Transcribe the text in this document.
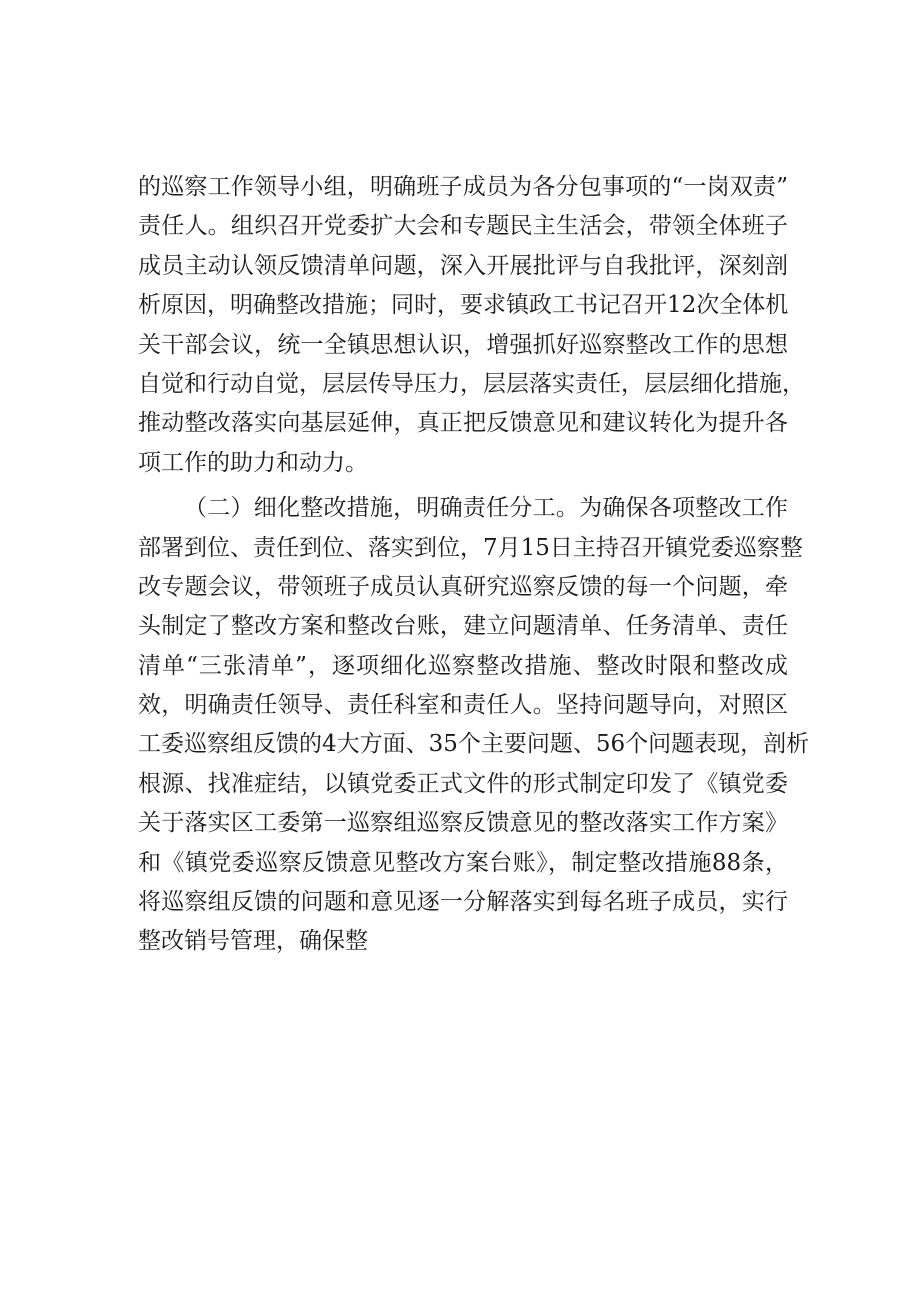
的巡察工作领导小组，明确班子成员为各分包事项的“一岗双责”
责任人。组织召开党委扩大会和专题民主生活会，带领全体班子
成员主动认领反馈清单问题，深入开展批评与自我批评，深刻剖
析原因，明确整改措施；同时，要求镇政工书记召开12次全体机
关干部会议，统一全镇思想认识，增强抓好巡察整改工作的思想
自觉和行动自觉，层层传导压力，层层落实责任，层层细化措施，
推动整改落实向基层延伸，真正把反馈意见和建议转化为提升各
项工作的助力和动力。
（二）细化整改措施，明确责任分工。为确保各项整改工作
部署到位、责任到位、落实到位，7月15日主持召开镇党委巡察整
改专题会议，带领班子成员认真研究巡察反馈的每一个问题，牵
头制定了整改方案和整改台账，建立问题清单、任务清单、责任
清单“三张清单”，逐项细化巡察整改措施、整改时限和整改成
效，明确责任领导、责任科室和责任人。坚持问题导向，对照区
工委巡察组反馈的4大方面、35个主要问题、56个问题表现，剖析
根源、找准症结，以镇党委正式文件的形式制定印发了《镇党委
关于落实区工委第一巡察组巡察反馈意见的整改落实工作方案》
和《镇党委巡察反馈意见整改方案台账》，制定整改措施88条，
将巡察组反馈的问题和意见逐一分解落实到每名班子成员，实行
整改销号管理，确保整
